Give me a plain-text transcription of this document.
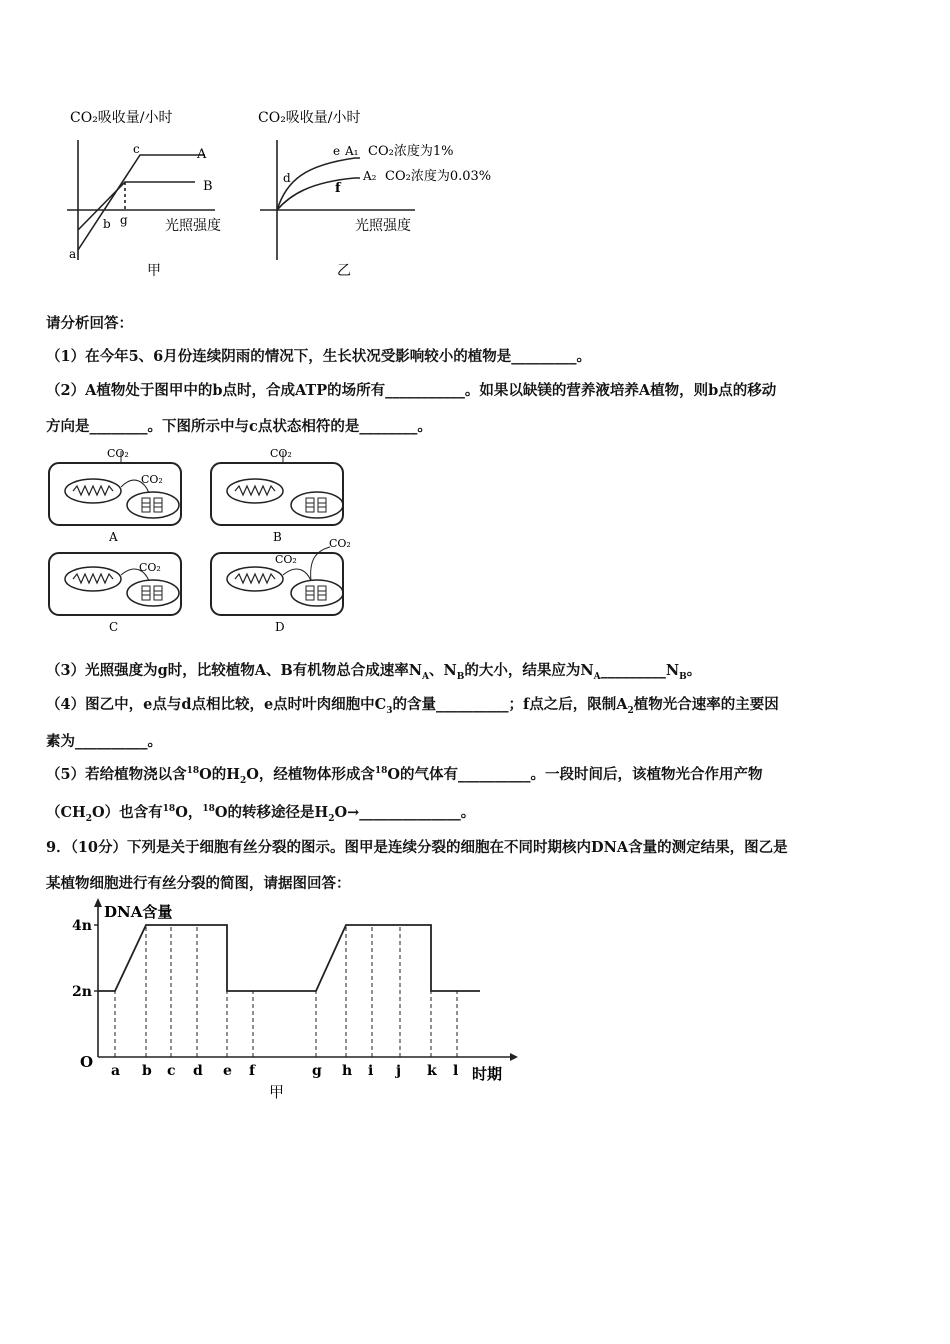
CO₂吸收量/小时
光照强度
甲
a
b
c
g
A
B
CO₂吸收量/小时
光照强度
乙
d
e
f
A₁ CO₂浓度为1%
A₂ CO₂浓度为0.03%
请分析回答：
（1）在今年5、6月份连续阴雨的情况下，生长状况受影响较小的植物是_________。
（2）A植物处于图甲中的b点时，合成ATP的场所有___________。如果以缺镁的营养液培养A植物，则b点的移动
方向是________。下图所示中与c点状态相符的是________。
CO₂
CO₂
A
CO₂
B
CO₂
C
CO₂
CO₂
D
（3）光照强度为g时，比较植物A、B有机物总合成速率$N_A$、$N_B$的大小，结果应为$N_A\_\_\_\_\_\_\_\_\_N_B$。
（4）图乙中，e点与d点相比较，e点时叶肉细胞中$C_3$的含量__________；f点之后，限制$A_2$植物光合速率的主要因
素为__________。
（5）若给植物浇以含$^{18}$O的$H_2O$，经植物体形成含$^{18}$O的气体有__________。一段时间后，该植物光合作用产物
$(CH_2O)$也含有$^{18}$O，$^{18}$O的转移途径是$H_2O\to\_\_\_\_\_\_\_\_\_\_\_\_\_\_$。
9．（10分）下列是关于细胞有丝分裂的图示。图甲是连续分裂的细胞在不同时期核内DNA含量的测定结果，图乙是
某植物细胞进行有丝分裂的简图，请据图回答：
DNA含量
时期
O
甲
2n
4n
a b c d e f	g h i j k l
